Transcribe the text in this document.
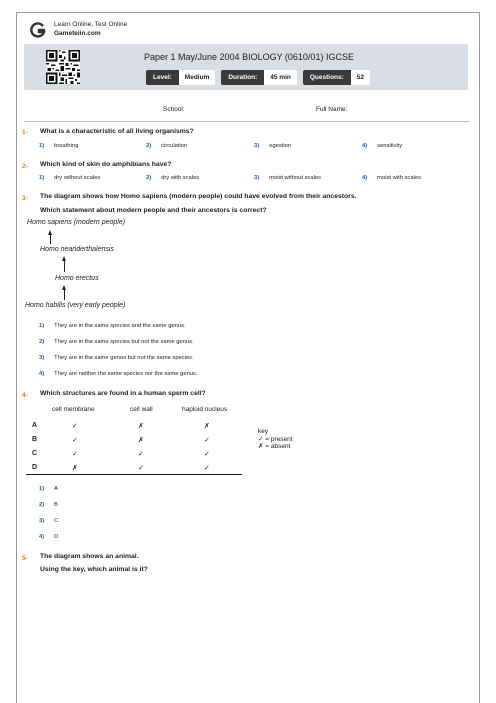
Learn Online, Test Online
Gameteiin.com
Paper 1 May/June 2004 BIOLOGY (0610/01) IGCSE
Level:	Medium	Duration:	45 min	Questions:	52
School:	Full Name:
1- What is a characteristic of all living organisms?
1) breathing	2) circulation	3) egestion	4) sensitivity
2- Which kind of skin do amphibians have?
1) dry without scales	2) dry with scales	3) moist without scales	4) moist with scales
3- The diagram shows how Homo sapiens (modern people) could have evolved from their ancestors.
Which statement about modern people and their ancestors is correct?
Homo sapiens (modern people)
Homo neanderthalensis
Homo erectus
Homo habilis (very early people)
1) They are in the same species and the same genus.
2) They are in the same species but not the same genus.
3) They are in the same genus but not the same species.
4) They are neither the same species nor the same genus.
4- Which structures are found in a human sperm cell?
cell membrane	cell wall	haploid nucleus
A	✓	✗	✗
B	✓	✗	✓
C	✓	✓	✓
D	✗	✓	✓
key
✓ = present
✗ = absent
1) A
2) B
3) C
4) D
5- The diagram shows an animal.
Using the key, which animal is it?
